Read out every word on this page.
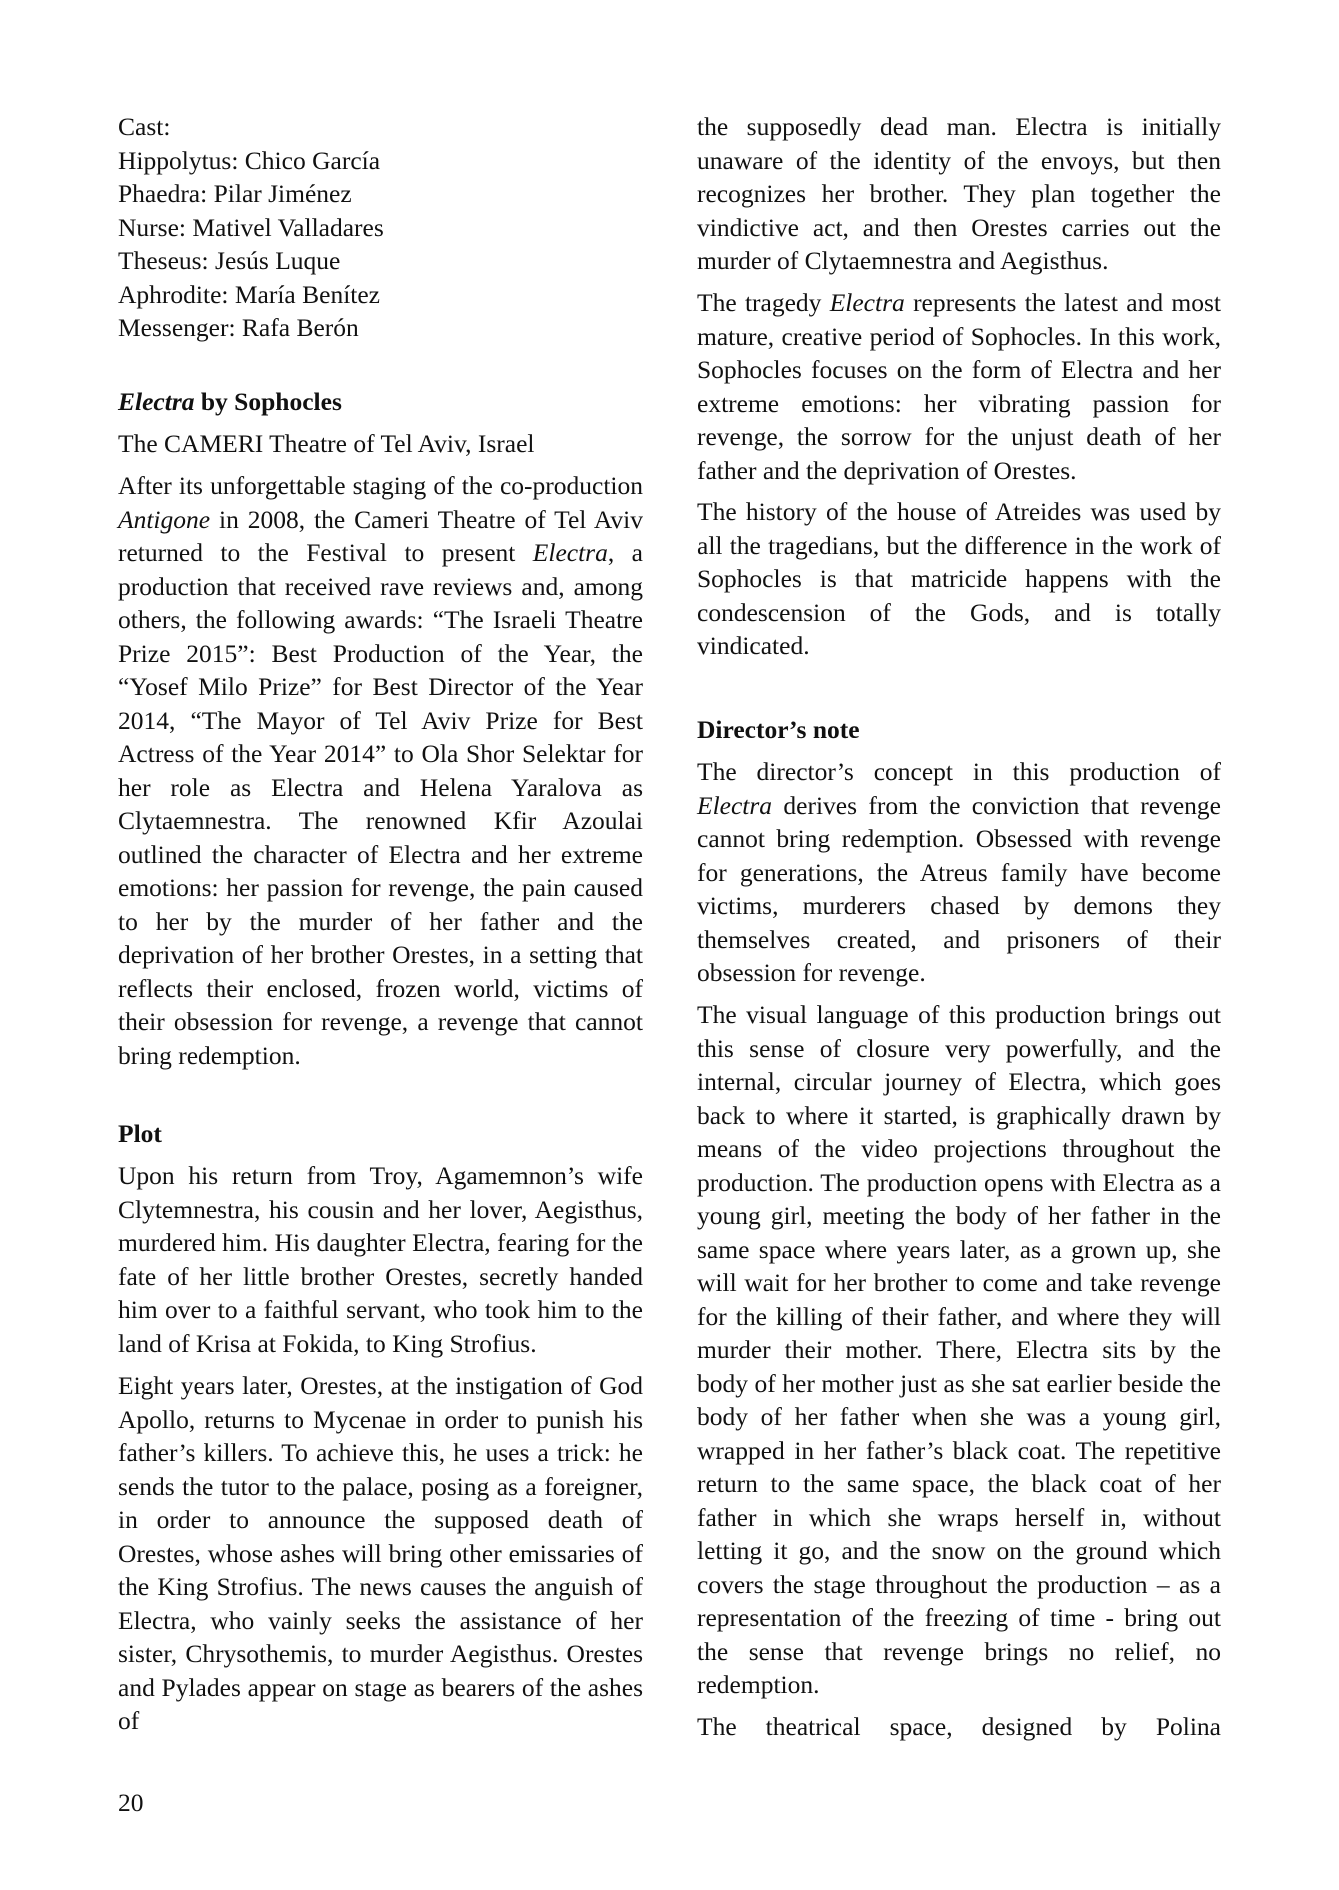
Cast:
Hippolytus: Chico García
Phaedra: Pilar Jiménez
Nurse: Mativel Valladares
Theseus: Jesús Luque
Aphrodite: María Benítez
Messenger: Rafa Berón
Electra by Sophocles
The CAMERI Theatre of Tel Aviv, Israel

After its unforgettable staging of the co-production Antigone in 2008, the Cameri Theatre of Tel Aviv returned to the Festival to present Electra, a production that received rave reviews and, among others, the following awards: “The Israeli Theatre Prize 2015”: Best Production of the Year, the “Yosef Milo Prize” for Best Director of the Year 2014, “The Mayor of Tel Aviv Prize for Best Actress of the Year 2014” to Ola Shor Selektar for her role as Electra and Helena Yaralova as Clytaemnestra. The renowned Kfir Azoulai outlined the character of Electra and her extreme emotions: her passion for revenge, the pain caused to her by the murder of her father and the deprivation of her brother Orestes, in a setting that reflects their enclosed, frozen world, victims of their obsession for revenge, a revenge that cannot bring redemption.

Plot

Upon his return from Troy, Agamemnon’s wife Clytemnestra, his cousin and her lover, Aegisthus, murdered him. His daughter Electra, fearing for the fate of her little brother Orestes, secretly handed him over to a faithful servant, who took him to the land of Krisa at Fokida, to King Strofius.

Eight years later, Orestes, at the instigation of God Apollo, returns to Mycenae in order to punish his father’s killers. To achieve this, he uses a trick: he sends the tutor to the palace, posing as a foreigner, in order to announce the supposed death of Orestes, whose ashes will bring other emissaries of the King Strofius. The news causes the anguish of Electra, who vainly seeks the assistance of her sister, Chrysothemis, to murder Aegisthus. Orestes and Pylades appear on stage as bearers of the ashes of

20

the supposedly dead man. Electra is initially unaware of the identity of the envoys, but then recognizes her brother. They plan together the vindictive act, and then Orestes carries out the murder of Clytaemnestra and Aegisthus.

The tragedy Electra represents the latest and most mature, creative period of Sophocles. In this work, Sophocles focuses on the form of Electra and her extreme emotions: her vibrating passion for revenge, the sorrow for the unjust death of her father and the deprivation of Orestes.

The history of the house of Atreides was used by all the tragedians, but the difference in the work of Sophocles is that matricide happens with the condescension of the Gods, and is totally vindicated.

Director’s note

The director’s concept in this production of Electra derives from the conviction that revenge cannot bring redemption. Obsessed with revenge for generations, the Atreus family have become victims, murderers chased by demons they themselves created, and prisoners of their obsession for revenge.

The visual language of this production brings out this sense of closure very powerfully, and the internal, circular journey of Electra, which goes back to where it started, is graphically drawn by means of the video projections throughout the production. The production opens with Electra as a young girl, meeting the body of her father in the same space where years later, as a grown up, she will wait for her brother to come and take revenge for the killing of their father, and where they will murder their mother. There, Electra sits by the body of her mother just as she sat earlier beside the body of her father when she was a young girl, wrapped in her father’s black coat. The repetitive return to the same space, the black coat of her father in which she wraps herself in, without letting it go, and the snow on the ground which covers the stage throughout the production – as a representation of the freezing of time - bring out the sense that revenge brings no relief, no redemption.

The theatrical space, designed by Polina
